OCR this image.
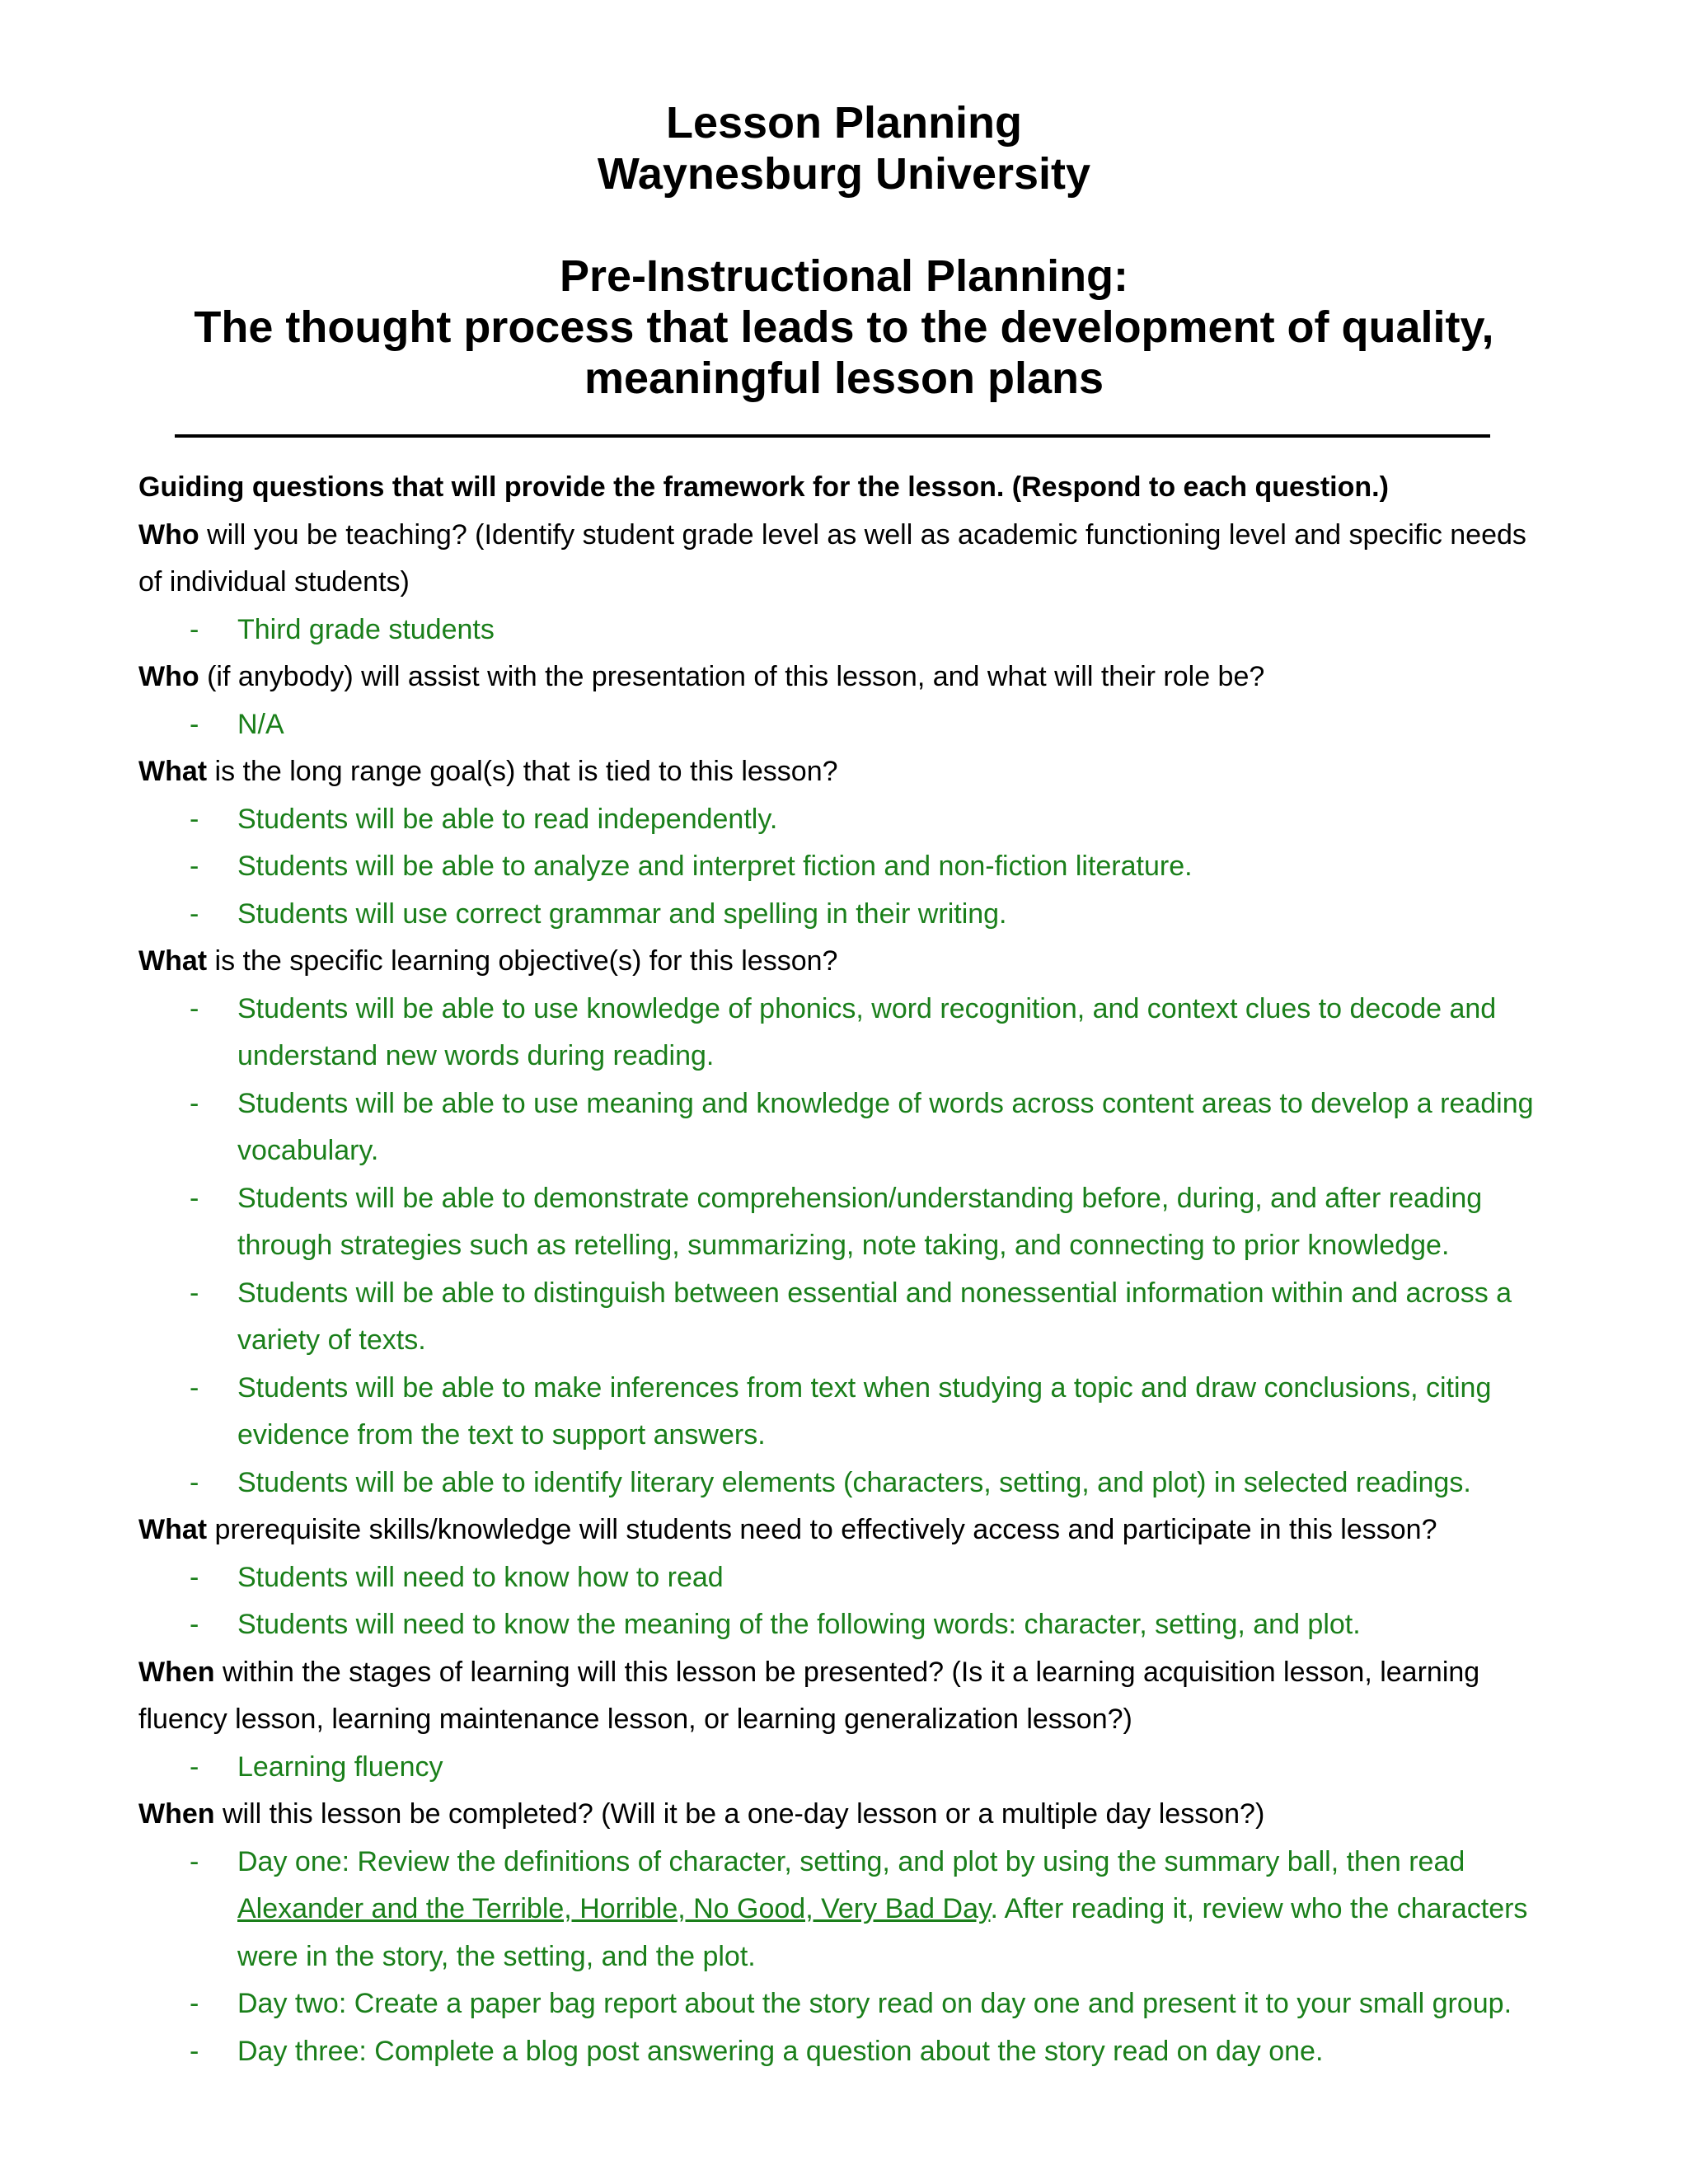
Lesson Planning
Waynesburg University
Pre-Instructional Planning:
The thought process that leads to the development of quality,
meaningful lesson plans

Guiding questions that will provide the framework for the lesson. (Respond to each question.)

Who will you be teaching? (Identify student grade level as well as academic functioning level and specific needs of individual students)

- Third grade students

Who (if anybody) will assist with the presentation of this lesson, and what will their role be?

- N/A

What is the long range goal(s) that is tied to this lesson?

- Students will be able to read independently.
- Students will be able to analyze and interpret fiction and non-fiction literature.
- Students will use correct grammar and spelling in their writing.

What is the specific learning objective(s) for this lesson?

- Students will be able to use knowledge of phonics, word recognition, and context clues to decode and understand new words during reading.
- Students will be able to use meaning and knowledge of words across content areas to develop a reading vocabulary.
- Students will be able to demonstrate comprehension/understanding before, during, and after reading through strategies such as retelling, summarizing, note taking, and connecting to prior knowledge.
- Students will be able to distinguish between essential and nonessential information within and across a variety of texts.
- Students will be able to make inferences from text when studying a topic and draw conclusions, citing evidence from the text to support answers.
- Students will be able to identify literary elements (characters, setting, and plot) in selected readings.

What prerequisite skills/knowledge will students need to effectively access and participate in this lesson?

- Students will need to know how to read
- Students will need to know the meaning of the following words: character, setting, and plot.

When within the stages of learning will this lesson be presented? (Is it a learning acquisition lesson, learning fluency lesson, learning maintenance lesson, or learning generalization lesson?)

- Learning fluency

When will this lesson be completed? (Will it be a one-day lesson or a multiple day lesson?)

- Day one: Review the definitions of character, setting, and plot by using the summary ball, then read Alexander and the Terrible, Horrible, No Good, Very Bad Day. After reading it, review who the characters were in the story, the setting, and the plot.
- Day two: Create a paper bag report about the story read on day one and present it to your small group.
- Day three: Complete a blog post answering a question about the story read on day one.
